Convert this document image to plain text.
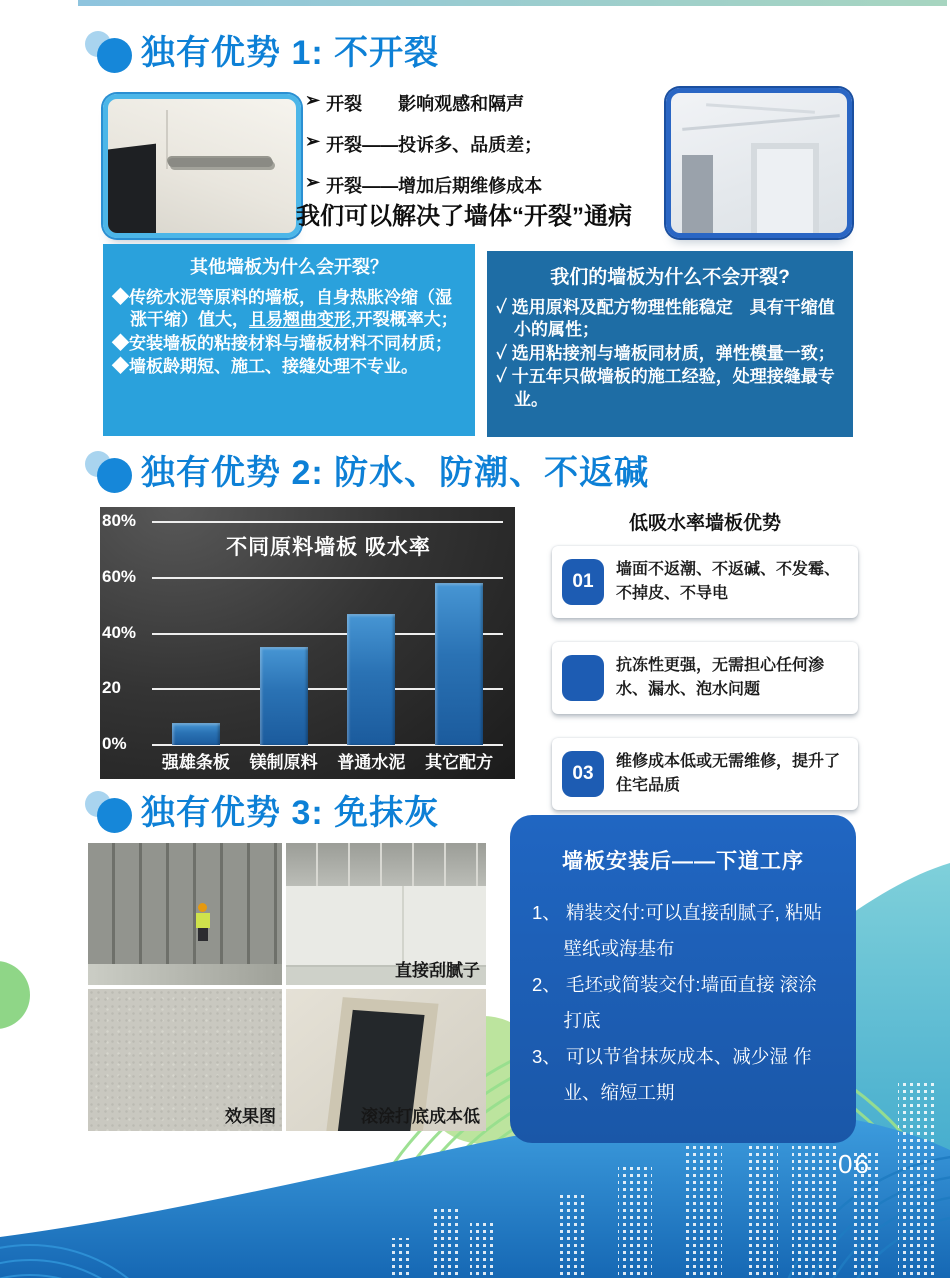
独有优势 1: 不开裂
➢ 开裂　　影响观感和隔声
➢ 开裂——投诉多、品质差；
➢ 开裂——增加后期维修成本
我们可以解决了墙体“开裂”通病
其他墙板为什么会开裂？
◆传统水泥等原料的墙板，自身热胀冷缩（湿涨干缩）值大，且易翘曲变形,开裂概率大；
◆安装墙板的粘接材料与墙板材料不同材质；
◆墙板龄期短、施工、接缝处理不专业。
我们的墙板为什么不会开裂?
✓ 选用原料及配方物理性能稳定　具有干缩值小的属性；
✓ 选用粘接剂与墙板同材质，弹性模量一致；
✓ 十五年只做墙板的施工经验，处理接缝最专业。
独有优势 2: 防水、防潮、不返碱
不同原料墙板 吸水率
80%
60%
40%
20
0%
强雄条板	镁制原料	普通水泥	其它配方
低吸水率墙板优势
01
墙面不返潮、不返碱、不发霉、不掉皮、不导电
抗冻性更强，无需担心任何渗水、漏水、泡水问题
03
维修成本低或无需维修，提升了住宅品质
独有优势 3: 免抹灰
直接刮腻子
效果图	滚涂打底成本低
墙板安装后——下道工序
1、 精装交付:可以直接刮腻子, 粘贴壁纸或海基布
2、 毛坯或简装交付:墙面直接 滚涂打底
3、 可以节省抹灰成本、减少湿 作业、缩短工期
06
